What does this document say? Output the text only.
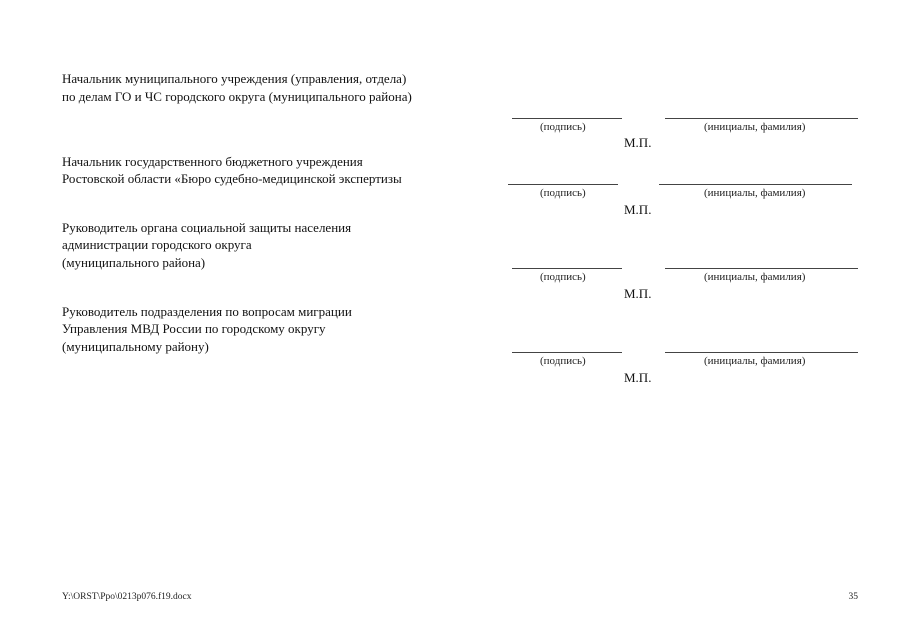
Начальник муниципального учреждения (управления, отдела)
по делам ГО и ЧС городского округа (муниципального района)
(подпись)	(инициалы, фамилия)
М.П.
Начальник государственного бюджетного учреждения
Ростовской области «Бюро судебно-медицинской экспертизы
(подпись)	(инициалы, фамилия)
М.П.
Руководитель органа социальной защиты населения
администрации городского округа
(муниципального района)
(подпись)	(инициалы, фамилия)
М.П.
Руководитель подразделения по вопросам миграции
Управления МВД России по городскому округу
(муниципальному району)
(подпись)	(инициалы, фамилия)
М.П.
Y:\ORST\Ppo\0213p076.f19.docx	35
